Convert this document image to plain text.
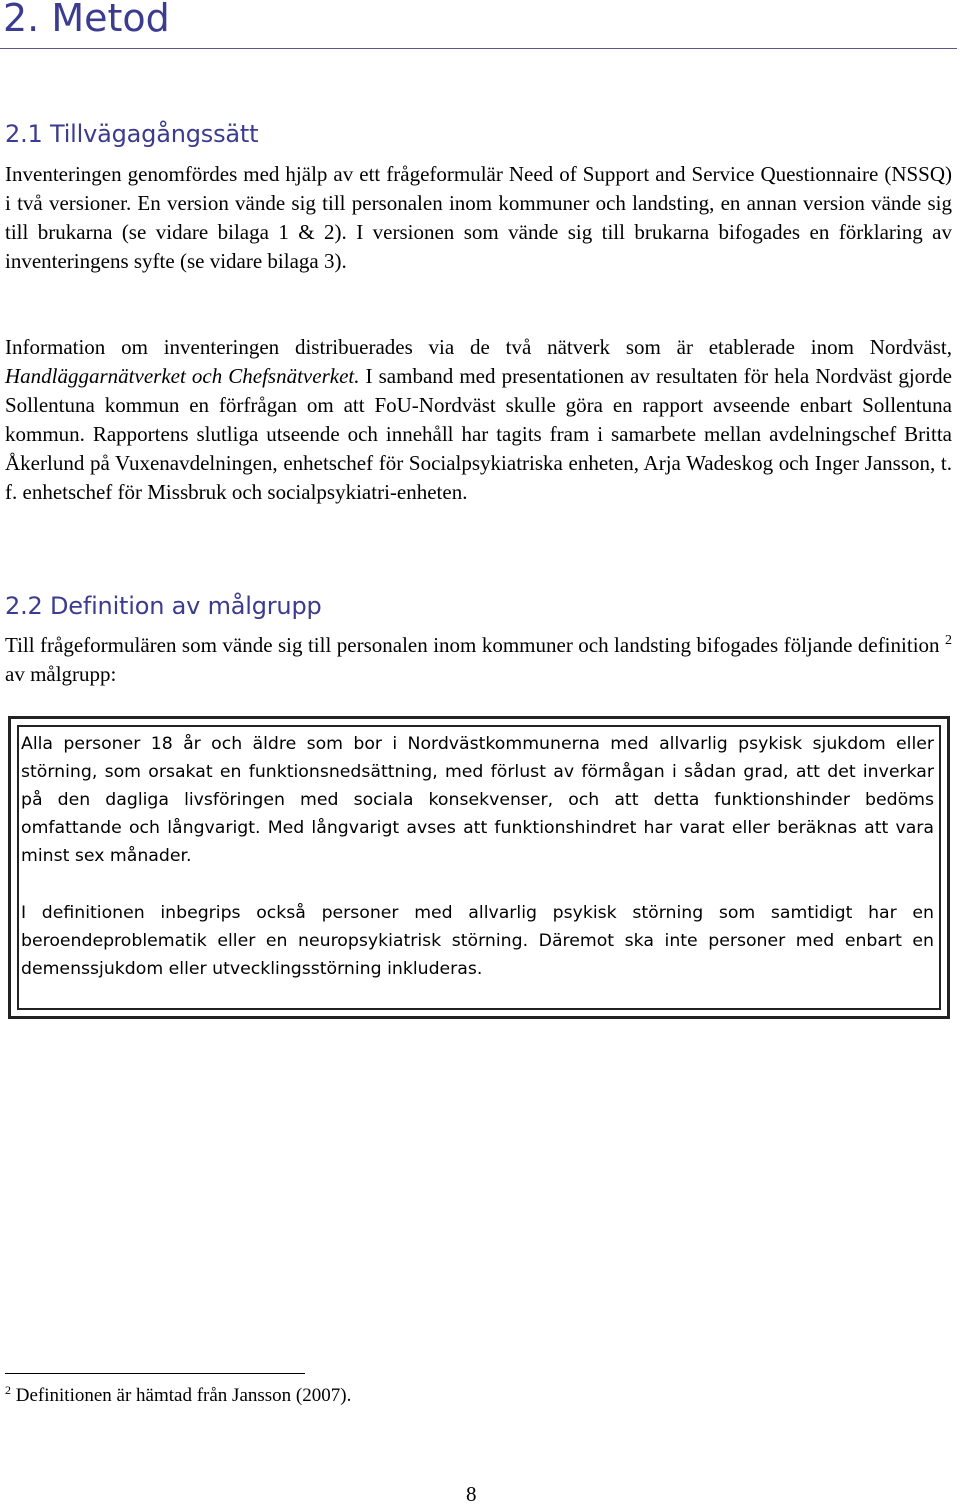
2. Metod
2.1 Tillvägagångssätt

Inventeringen genomfördes med hjälp av ett frågeformulär Need of Support and Service Questionnaire (NSSQ) i två versioner. En version vände sig till personalen inom kommuner och landsting, en annan version vände sig till brukarna (se vidare bilaga 1 & 2). I versionen som vände sig till brukarna bifogades en förklaring av inventeringens syfte (se vidare bilaga 3).

Information om inventeringen distribuerades via de två nätverk som är etablerade inom Nordväst, Handläggarnätverket och Chefsnätverket. I samband med presentationen av resultaten för hela Nordväst gjorde Sollentuna kommun en förfrågan om att FoU-Nordväst skulle göra en rapport avseende enbart Sollentuna kommun. Rapportens slutliga utseende och innehåll har tagits fram i samarbete mellan avdelningschef Britta Åkerlund på Vuxenavdelningen, enhetschef för Socialpsykiatriska enheten, Arja Wadeskog och Inger Jansson, t. f. enhetschef för Missbruk och socialpsykiatri-enheten.

2.2 Definition av målgrupp

Till frågeformulären som vände sig till personalen inom kommuner och landsting bifogades följande definition $^2$ av målgrupp:

Alla personer 18 år och äldre som bor i Nordvästkommunerna med allvarlig psykisk sjukdom eller störning, som orsakat en funktionsnedsättning, med förlust av förmågan i sådan grad, att det inverkar på den dagliga livsföringen med sociala konsekvenser, och att detta funktionshinder bedöms omfattande och långvarigt. Med långvarigt avses att funktionshindret har varat eller beräknas att vara minst sex månader.

I definitionen inbegrips också personer med allvarlig psykisk störning som samtidigt har en beroendeproblematik eller en neuropsykiatrisk störning. Däremot ska inte personer med enbart en demenssjukdom eller utvecklingsstörning inkluderas.

$^2$ Definitionen är hämtad från Jansson (2007).

8
